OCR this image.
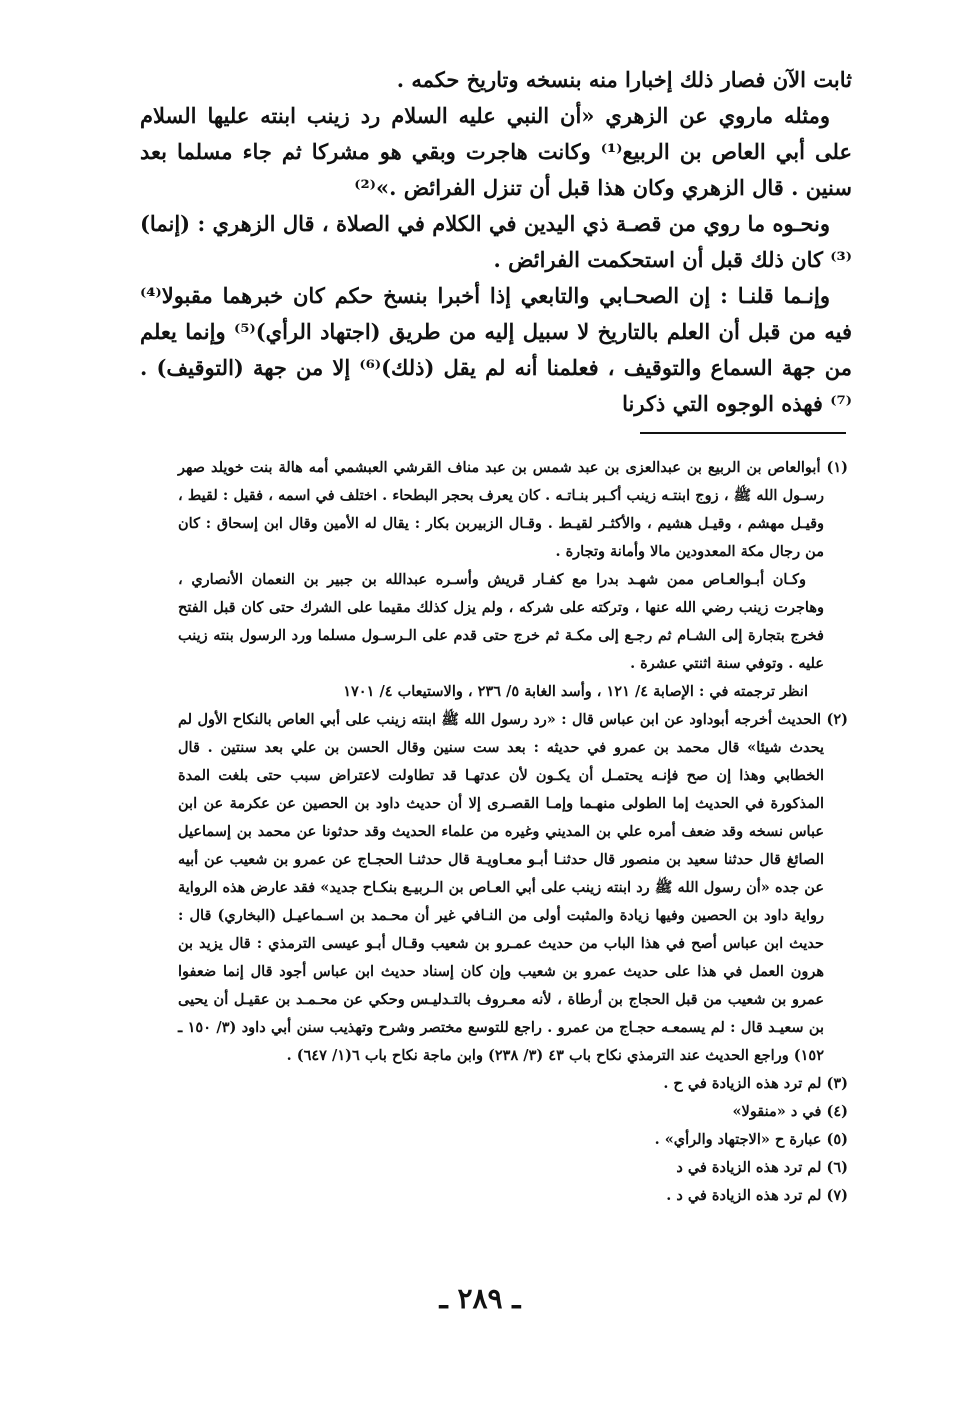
ثابت الآن فصار ذلك إخبارا منه بنسخه وتاريخ حكمه .

ومثله ماروي عن الزهري «أن النبي عليه السلام رد زينب ابنته عليها السلام على أبي العاص بن الربيع⁽¹⁾ وكانت هاجرت وبقي هو مشركا ثم جاء مسلما بعد سنين . قال الزهري وكان هذا قبل أن تنزل الفرائض .»⁽²⁾

ونحـوه ما روي من قصـة ذي اليدين في الكلام في الصلاة ، قال الزهري : (إنما)⁽³⁾ كان ذلك قبل أن استحكمت الفرائض .

وإنـما قلنـا : إن الصحـابي والتابعي إذا أخبرا بنسخ حكم كان خبرهما مقبولا⁽⁴⁾ فيه من قبل أن العلم بالتاريخ لا سبيل إليه من طريق (اجتهاد الرأي)⁽⁵⁾ وإنما يعلم من جهة السماع والتوقيف ، فعلمنا أنه لم يقل (ذلك)⁽⁶⁾ إلا من جهة (التوقيف) . ⁽⁷⁾ فهذه الوجوه التي ذكرنا

(١) أبوالعاص بن الربيع بن عبدالعزى بن عبد شمس بن عبد مناف القرشي العبشمي أمه هالة بنت خويلد صهر رسـول الله ﷺ ، زوج ابنتـه زينب أكـبر بنـاتـه . كان يعرف بحجر البطحاء . اختلف في اسمه ، فقيل : لقيط ، وقيـل مهشم ، وقيـل هشيم ، والأكثـر لقيـط . وقـال الزبيربن بكار : يقال له الأمين وقال ابن إسحاق : كان من رجال مكة المعدودين مالا وأمانة وتجارة .

وكـان أبـوالعـاص ممن شهـد بدرا مع كفـار قريش وأسـره عبدالله بن جبير بن النعمان الأنصاري ، وهاجرت زينب رضي الله عنها ، وتركته على شركه ، ولم يزل كذلك مقيما على الشرك حتى كان قبل الفتح فخرج بتجارة إلى الشـام ثم رجـع إلى مكـة ثم خرج حتى قدم على الـرسـول مسلما ورد الرسول بنته زينب عليه . وتوفي سنة اثنتي عشرة .

انظر ترجمته في : الإصابة ٤/ ١٢١ ، وأسد الغابة ٥/ ٢٣٦ ، والاستيعاب ٤/ ١٧٠١

(٢) الحديث أخرجه أبوداود عن ابن عباس قال : «رد رسول الله ﷺ ابنته زينب على أبي العاص بالنكاح الأول لم يحدث شيئا» قال محمد بن عمرو في حديثه : بعد ست سنين وقال الحسن بن علي بعد سنتين . قال الخطابي وهذا إن صح فإنـه يحتمـل أن يكـون لأن عدتهـا قد تطاولت لاعتراض سبب حتى بلغت المدة المذكورة في الحديث إما الطولى منهـما وإمـا القصـرى إلا أن حديث داود بن الحصين عن عكرمة عن ابن عباس نسخه وقد ضعف أمره علي بن المديني وغيره من علماء الحديث وقد حدثونا عن محمد بن إسماعيل الصائغ قال حدثنا سعيد بن منصور قال حدثنـا أبـو معـاويـة قال حدثنـا الحجـاج عن عمرو بن شعيب عن أبيه عن جده «أن رسول الله ﷺ رد ابنته زينب على أبي العـاص بن الـربيـع بنكـاح جديد» فقد عارض هذه الرواية رواية داود بن الحصين وفيها زيادة والمثبت أولى من النـافي غير أن محـمد بن اسـماعيـل (البخاري) قال : حديث ابن عباس أصح في هذا الباب من حديث عمـرو بن شعيب وقـال أبـو عيسى الترمذي : قال يزيد بن هرون العمل في هذا على حديث عمرو بن شعيب وإن كان إسناد حديث ابن عباس أجود قال إنما ضعفوا عمرو بن شعيب من قبل الحجاج بن أرطاة ، لأنه معـروف بالتـدليـس وحكي عن محـمـد بن عقيـل أن يحيى بن سعيـد قال : لم يسمعـه حجـاج من عمرو . راجع للتوسع مختصر وشرح وتهذيب سنن أبي داود (٣/ ١٥٠ ـ ١٥٢) وراجع الحديث عند الترمذي نكاح باب ٤٣ (٣/ ٢٣٨) وابن ماجة نكاح باب ٦(١/ ٦٤٧) .

(٣) لم ترد هذه الزيادة في ح .

(٤) في د «منقولا»

(٥) عبارة ح «الاجتهاد والرأي» .

(٦) لم ترد هذه الزيادة في د

(٧) لم ترد هذه الزيادة في د .

ـ ٢٨٩ ـ
